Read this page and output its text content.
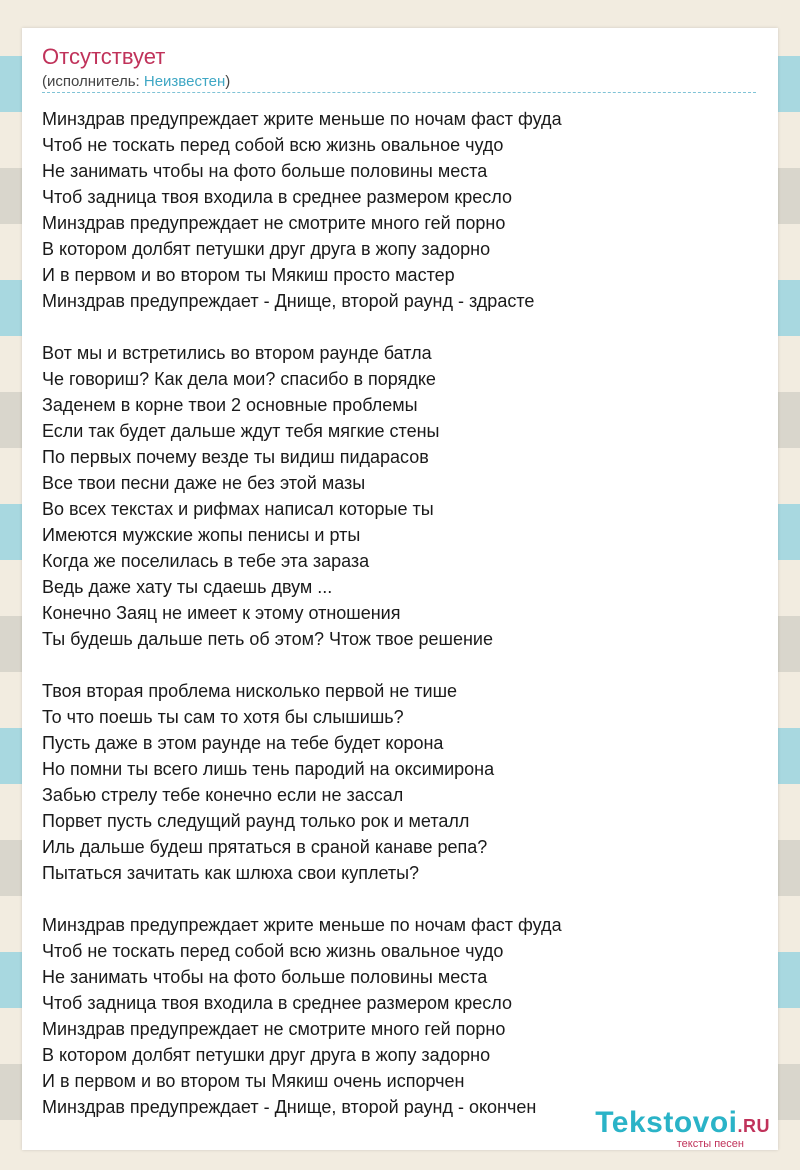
Отсутствует
(исполнитель: Неизвестен)
Минздрав предупреждает жрите меньше по ночам фаст фуда
Чтоб не тоскать перед собой всю жизнь овальное чудо
Не занимать чтобы на фото больше половины места
Чтоб задница твоя входила в среднее размером кресло
Минздрав предупреждает не смотрите много гей порно
В котором долбят петушки друг друга в жопу задорно
И в первом и во втором ты Мякиш просто мастер
Минздрав предупреждает - Днище, второй раунд - здрасте
Вот мы и встретились во втором раунде батла
Че говориш? Как дела мои? спасибо в порядке
Заденем в корне твои 2 основные проблемы
Если так будет дальше ждут тебя мягкие стены
По первых почему везде ты видиш пидарасов
Все твои песни даже не без этой мазы
Во всех текстах и рифмах написал которые ты
Имеются мужские жопы пенисы и рты
Когда же поселилась в тебе эта зараза
Ведь даже хату ты сдаешь двум ...
Конечно Заяц не имеет к этому отношения
Ты будешь дальше петь об этом? Чтож твое решение
Твоя вторая проблема нисколько первой не тише
То что поешь ты сам то хотя бы слышишь?
Пусть даже в этом раунде на тебе будет корона
Но помни ты всего лишь тень пародий на оксимирона
Забью стрелу тебе конечно если не зассал
Порвет пусть следущий раунд только рок и металл
Иль дальше будеш прятаться в сраной канаве репа?
Пытаться зачитать как шлюха свои куплеты?
Минздрав предупреждает жрите меньше по ночам фаст фуда
Чтоб не тоскать перед собой всю жизнь овальное чудо
Не занимать чтобы на фото больше половины места
Чтоб задница твоя входила в среднее размером кресло
Минздрав предупреждает не смотрите много гей порно
В котором долбят петушки друг друга в жопу задорно
И в первом и во втором ты Мякиш очень испорчен
Минздрав предупреждает - Днище, второй раунд - окончен	Tekstovoi.RU
тексты песен
